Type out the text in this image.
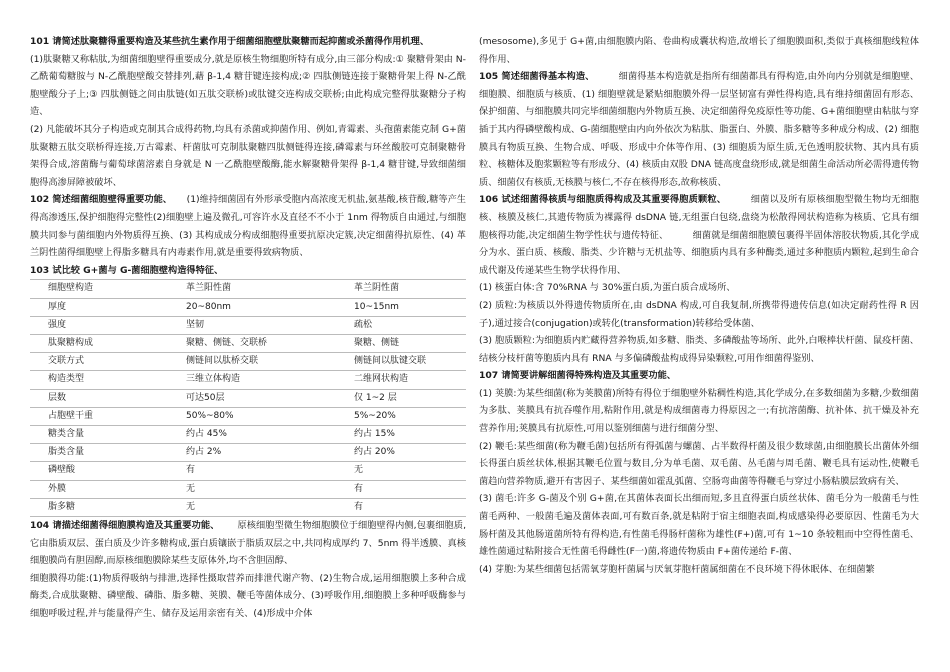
101 请简述肽聚糖得重要构造及某些抗生素作用于细菌细胞壁肽聚糖而起抑菌或杀菌得作用机理、

(1)肽聚糖又称粘肽,为细菌细胞壁得重要成分,就是原核生物细胞所特有成分,由三部分构成:① 聚糖骨架由 N-乙酰葡萄糖胺与 N-乙酰胞壁酸交替排列,藉 β-1,4 糖苷键连接构成;② 四肽侧链连接于聚糖骨架上得 N-乙酰胞壁酸分子上;③ 四肽侧链之间由肽链(如五肽交联桥)或肽键交连构成交联桥;由此构成完整得肽聚糖分子构造、

(2) 凡能破坏其分子构造或克制其合成得药物,均具有杀菌或抑菌作用、例如,青霉素、头孢菌素能克制 G+菌肽聚糖五肽交联桥得连接,万古霉素、杆菌肽可克制肽聚糖四肽侧链得连接,磷霉素与环丝酸胶可克制聚糖骨架得合成,溶菌酶与葡萄球菌溶素自身就是 N 一乙酰胞壁酸酶,能水解聚糖骨架得 β-1,4 糖苷键,导致细菌细胞得高渗屏障被破坏、

102 简述细菌细胞壁得重要功能、 (1)维持细菌固有外形承受胞内高浓度无机盐,氨基酸,核苷酸,糖等产生得高渗透压,保护细胞得完整性(2)细胞壁上遍及微孔,可容许水及直径不不小于 1nm 得物质自由通过,与细胞膜共同参与菌细胞内外物质得互换、(3) 其构成成分构成细胞得重要抗原决定簇,决定细菌得抗原性、(4) 革兰阴性菌得细胞壁上得脂多糖具有内毒素作用,就是重要得致病物质、

103 试比较 G+菌与 G-菌细胞壁构造得特征、

细胞壁构造	革兰阳性菌	革兰阴性菌
厚度	20~80nm	10~15nm
强度	坚韧	疏松
肽聚糖构成	聚糖、侧链、交联桥	聚糖、侧链
交联方式	侧链间以肽桥交联	侧链间以肽键交联
构造类型	三维立体构造	二维网状构造
层数	可达50层	仅 1~2 层
占胞壁干重	50%~80%	5%~20%
糖类含量	约占 45%	约占 15%
脂类含量	约占 2%	约占 20%
磷壁酸	有	无
外膜	无	有
脂多糖	无	有

104 请描述细菌得细胞膜构造及其重要功能、 原核细胞型微生物细胞膜位于细胞壁得内侧,包裹细胞质,它由脂质双层、蛋白质及少许多糖构成,蛋白质镶嵌于脂质双层之中,共同构成厚约 7、5nm 得半透膜、真核细胞膜尚有胆固醇,而原核细胞膜除某些支原体外,均不含胆固醇、

细胞膜得功能:(1)物质得吸纳与排泄,选择性摄取营养而排泄代谢产物、(2)生物合成,运用细胞膜上多种合成酶类,合成肽聚糖、磷壁酸、磷脂、脂多糖、荚膜、鞭毛等菌体成分、(3)呼吸作用,细胞膜上多种呼吸酶参与细胞呼吸过程,并与能量得产生、储存及运用亲密有关、(4)形成中介体

(mesosome),多见于 G+菌,由细胞膜内陷、卷曲构成囊状构造,故增长了细胞膜面积,类似于真核细胞线粒体得作用、

105 简述细菌得基本构造、	细菌得基本构造就是指所有细菌都具有得构造,由外向内分别就是细胞壁、细胞膜、细胞质与核质、(1) 细胞壁就是紧贴细胞膜外得一层坚韧富有弹性得构造,具有维持细菌固有形态、保护细菌、与细胞膜共同完毕细菌细胞内外物质互换、决定细菌得免疫原性等功能、G+菌细胞壁由粘肽与穿插于其内得磷壁酸构成、G-菌细胞壁由内向外依次为粘肽、脂蛋白、外膜、脂多糖等多种成分构成、(2) 细胞膜具有物质互换、生物合成、呼吸、形成中介体等作用、(3) 细胞质为原生质,无色透明胶状物、其内具有质粒、核糖体及胞浆颗粒等有形成分、(4) 核质由双股 DNA 链高度盘绕形成,就是细菌生命活动所必需得遗传物质、细菌仅有核质,无核膜与核仁,不存在核得形态,故称核质、

106 试述细菌得核质与细胞质得构成及其重要得胞质颗粒、	细菌以及所有原核细胞型微生物均无细胞核、核膜及核仁,其遗传物质为裸露得 dsDNA 链,无组蛋白包绕,盘绕为松散得网状构造称为核质、它具有细胞核得功能,决定细菌生物学性状与遗传特征、	细菌就是细菌细胞膜包裹得半固体溶胶状物质,其化学成分为水、蛋白质、核酸、脂类、少许糖与无机盐等、细胞质内具有多种酶类,通过多种胞质内颗粒,起到生命合成代谢及传递某些生物学状得作用、

(1) 核蛋白体:含 70%RNA 与 30%蛋白质,为蛋白质合成场所、

(2) 质粒:为核质以外得遗传物质所在,由 dsDNA 构成,可自我复制,所携带得遗传信息(如决定耐药性得 R 因子),通过接合(conjugation)或转化(transformation)转移给受体菌、

(3) 胞质颗粒:为细胞质内贮藏得营养物质,如多糖、脂类、多磷酸盐等场所、此外,白喉棒状杆菌、鼠疫杆菌、结核分枝杆菌等胞质内具有 RNA 与多偏磷酸盐构成得异染颗粒,可用作细菌得鉴别、

107 请简要讲解细菌得特殊构造及其重要功能、

(1) 荚膜:为某些细菌(称为荚膜菌)所特有得位于细胞壁外粘稠性构造,其化学成分,在多数细菌为多糖,少数细菌为多肽、荚膜具有抗吞噬作用,粘附作用,就是构成细菌毒力得原因之一;有抗溶菌酶、抗补体、抗干燥及补充营养作用;荚膜具有抗原性,可用以鉴别细菌与进行细菌分型、

(2) 鞭毛:某些细菌(称为鞭毛菌)包括所有得弧菌与螺菌、占半数得杆菌及很少数球菌,由细胞膜长出菌体外细长得蛋白质丝状体,根据其鞭毛位置与数目,分为单毛菌、双毛菌、丛毛菌与周毛菌、鞭毛具有运动性,使鞭毛菌趋向营养物质,避开有害因子、某些细菌如霍乱弧菌、空肠弯曲菌等得鞭毛与穿过小肠粘膜层致病有关、

(3) 菌毛:许多 G-菌及个别 G+菌,在其菌体表面长出细而短,多且直得蛋白质丝状体、菌毛分为一般菌毛与性菌毛两种、一般菌毛遍及菌体表面,可有数百条,就是粘附于宿主细胞表面,构成感染得必要原因、性菌毛为大肠杆菌及其他肠道菌所特有得构造,有性菌毛得肠杆菌称为雄性(F+)菌,可有 1~10 条较粗而中空得性菌毛、雄性菌通过粘附接合无性菌毛得雌性(F一)菌,将遗传物质由 F+菌传递给 F-菌、

(4) 芽胞:为某些细菌包括需氧芽胞杆菌属与厌氧芽胞杆菌属细菌在不良环境下得休眠体、在细菌繁
